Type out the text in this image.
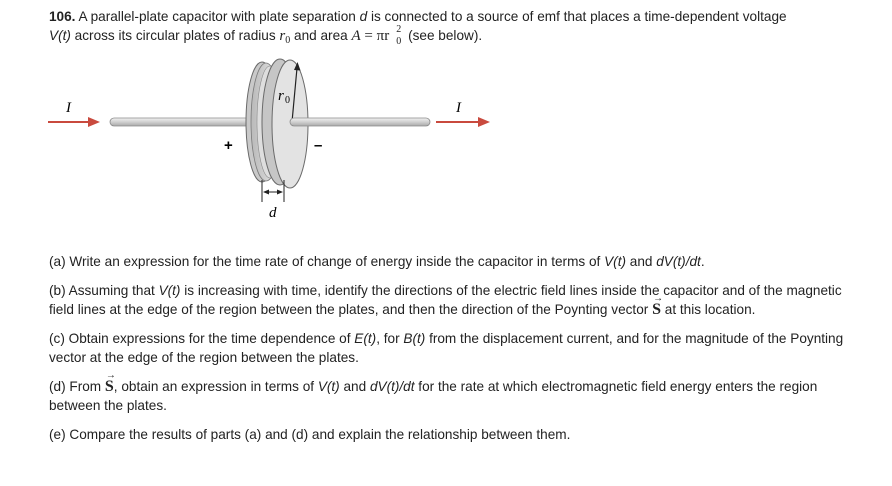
106. A parallel-plate capacitor with plate separation d is connected to a source of emf that places a time-dependent voltage
V(t) across its circular plates of radius $r_0$ and area A = πr 2
0 (see below).
I
r 0	I
+	–
d
(a) Write an expression for the time rate of change of energy inside the capacitor in terms of V(t) and dV(t)/dt.
(b) Assuming that V(t) is increasing with time, identify the directions of the electric field lines inside the capacitor and of the magnetic field lines at the edge of the region between the plates, and then the direction of the Poynting vector → S at this location.
(c) Obtain expressions for the time dependence of E(t), for B(t) from the displacement current, and for the magnitude of the Poynting vector at the edge of the region between the plates.
(d) From → S, obtain an expression in terms of V(t) and dV(t)/dt for the rate at which electromagnetic field energy enters the region between the plates.
(e) Compare the results of parts (a) and (d) and explain the relationship between them.
